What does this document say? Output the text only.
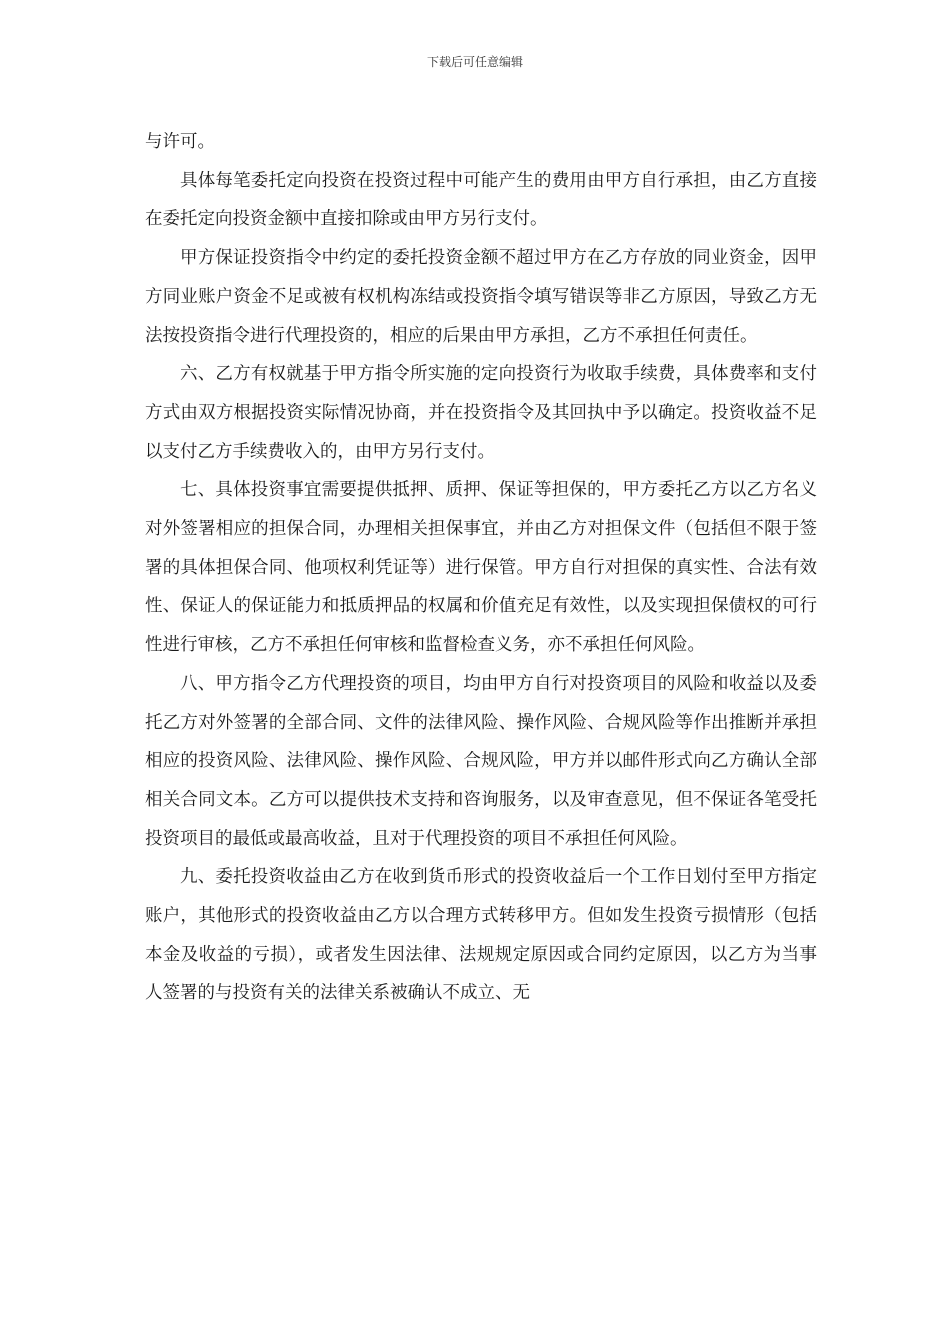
下载后可任意编辑

与许可。

具体每笔委托定向投资在投资过程中可能产生的费用由甲方自行承担，由乙方直接在委托定向投资金额中直接扣除或由甲方另行支付。

甲方保证投资指令中约定的委托投资金额不超过甲方在乙方存放的同业资金，因甲方同业账户资金不足或被有权机构冻结或投资指令填写错误等非乙方原因，导致乙方无法按投资指令进行代理投资的，相应的后果由甲方承担，乙方不承担任何责任。

六、乙方有权就基于甲方指令所实施的定向投资行为收取手续费，具体费率和支付方式由双方根据投资实际情况协商，并在投资指令及其回执中予以确定。投资收益不足以支付乙方手续费收入的，由甲方另行支付。

七、具体投资事宜需要提供抵押、质押、保证等担保的，甲方委托乙方以乙方名义对外签署相应的担保合同，办理相关担保事宜，并由乙方对担保文件（包括但不限于签署的具体担保合同、他项权利凭证等）进行保管。甲方自行对担保的真实性、合法有效性、保证人的保证能力和抵质押品的权属和价值充足有效性，以及实现担保债权的可行性进行审核，乙方不承担任何审核和监督检查义务，亦不承担任何风险。

八、甲方指令乙方代理投资的项目，均由甲方自行对投资项目的风险和收益以及委托乙方对外签署的全部合同、文件的法律风险、操作风险、合规风险等作出推断并承担相应的投资风险、法律风险、操作风险、合规风险，甲方并以邮件形式向乙方确认全部相关合同文本。乙方可以提供技术支持和咨询服务，以及审查意见，但不保证各笔受托投资项目的最低或最高收益，且对于代理投资的项目不承担任何风险。

九、委托投资收益由乙方在收到货币形式的投资收益后一个工作日划付至甲方指定账户，其他形式的投资收益由乙方以合理方式转移甲方。但如发生投资亏损情形（包括本金及收益的亏损），或者发生因法律、法规规定原因或合同约定原因，以乙方为当事人签署的与投资有关的法律关系被确认不成立、无
